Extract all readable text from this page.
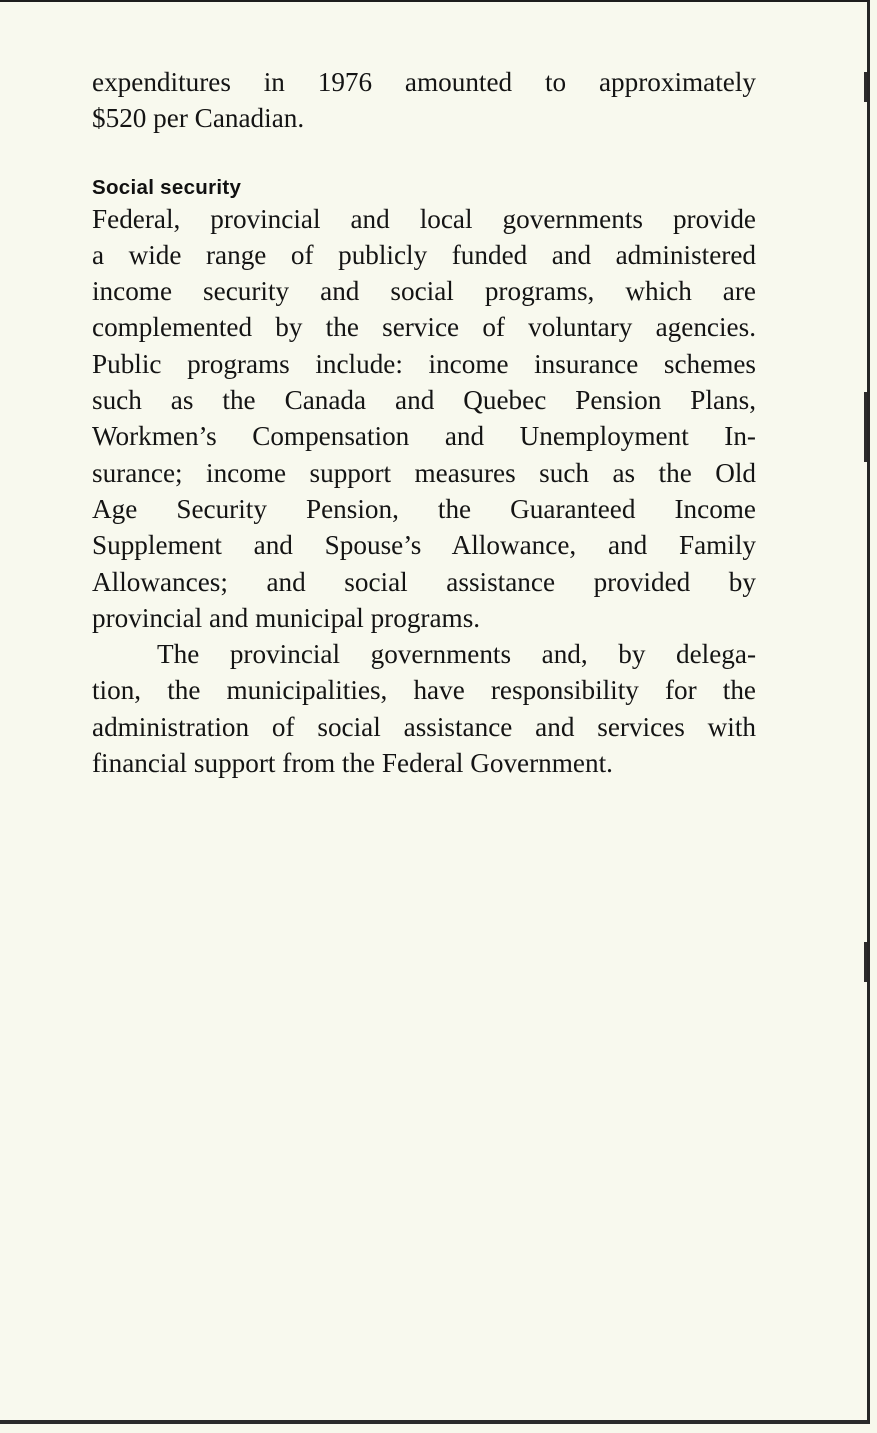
expenditures in 1976 amounted to approximately
$520 per Canadian.

Social security

Federal, provincial and local governments provide
a wide range of publicly funded and administered
income security and social programs, which are
complemented by the service of voluntary agencies.
Public programs include: income insurance schemes
such as the Canada and Quebec Pension Plans,
Workmen’s Compensation and Unemployment In-
surance; income support measures such as the Old
Age Security Pension, the Guaranteed Income
Supplement and Spouse’s Allowance, and Family
Allowances; and social assistance provided by
provincial and municipal programs.

The provincial governments and, by delega-
tion, the municipalities, have responsibility for the
administration of social assistance and services with
financial support from the Federal Government.
